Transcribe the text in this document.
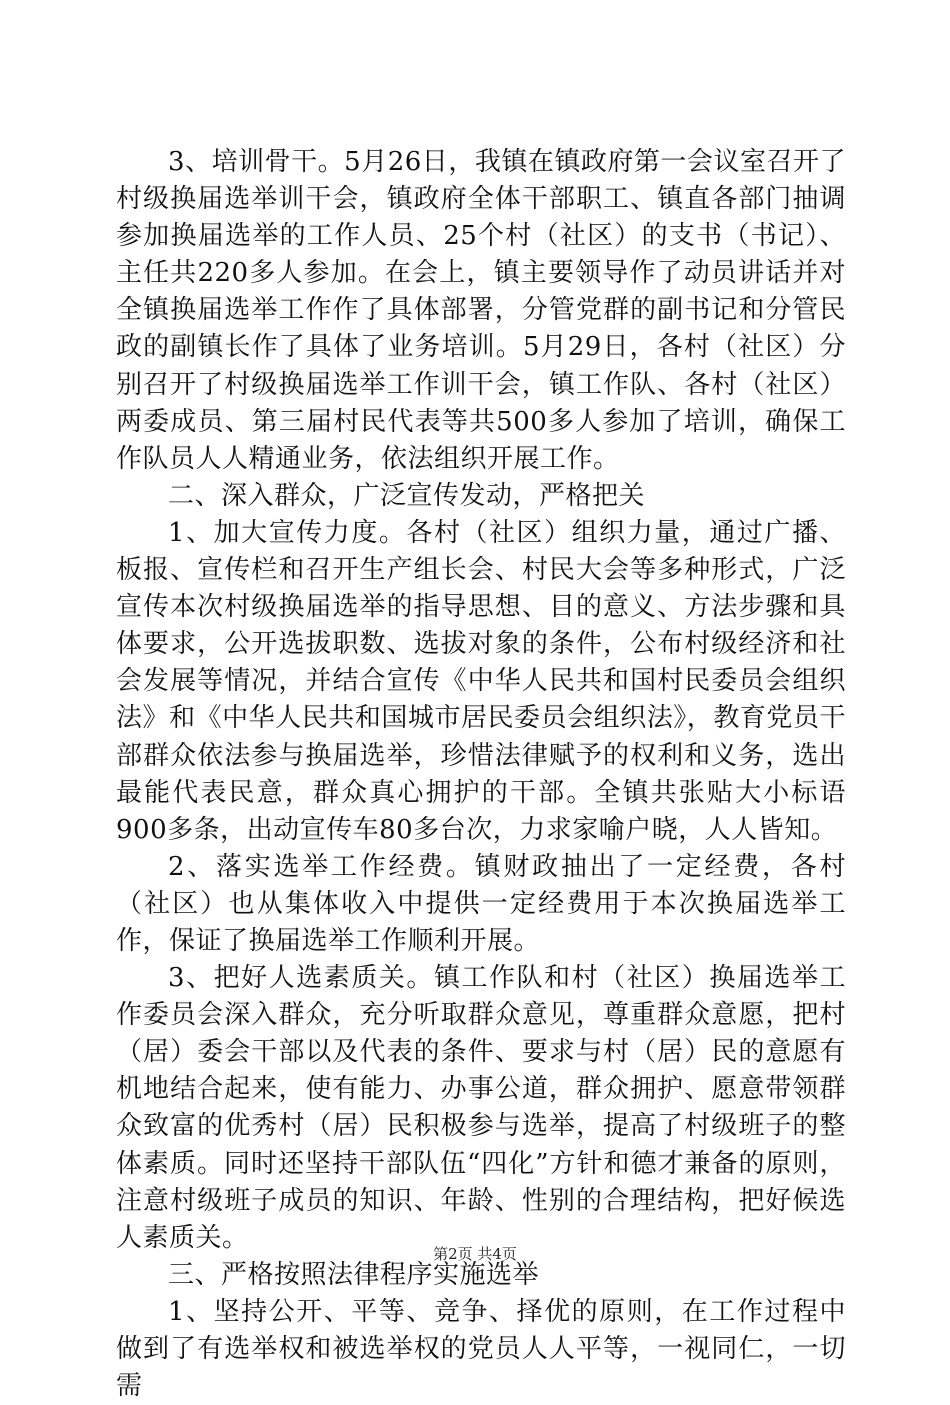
3、培训骨干。5月26日，我镇在镇政府第一会议室召开了村级换届选举训干会，镇政府全体干部职工、镇直各部门抽调参加换届选举的工作人员、25个村（社区）的支书（书记）、主任共220多人参加。在会上，镇主要领导作了动员讲话并对全镇换届选举工作作了具体部署，分管党群的副书记和分管民政的副镇长作了具体了业务培训。5月29日，各村（社区）分别召开了村级换届选举工作训干会，镇工作队、各村（社区）两委成员、第三届村民代表等共500多人参加了培训，确保工作队员人人精通业务，依法组织开展工作。

二、深入群众，广泛宣传发动，严格把关

1、加大宣传力度。各村（社区）组织力量，通过广播、板报、宣传栏和召开生产组长会、村民大会等多种形式，广泛宣传本次村级换届选举的指导思想、目的意义、方法步骤和具体要求，公开选拔职数、选拔对象的条件，公布村级经济和社会发展等情况，并结合宣传《中华人民共和国村民委员会组织法》和《中华人民共和国城市居民委员会组织法》，教育党员干部群众依法参与换届选举，珍惜法律赋予的权利和义务，选出最能代表民意，群众真心拥护的干部。全镇共张贴大小标语900多条，出动宣传车80多台次，力求家喻户晓，人人皆知。

2、落实选举工作经费。镇财政抽出了一定经费，各村（社区）也从集体收入中提供一定经费用于本次换届选举工作，保证了换届选举工作顺利开展。

3、把好人选素质关。镇工作队和村（社区）换届选举工作委员会深入群众，充分听取群众意见，尊重群众意愿，把村（居）委会干部以及代表的条件、要求与村（居）民的意愿有机地结合起来，使有能力、办事公道，群众拥护、愿意带领群众致富的优秀村（居）民积极参与选举，提高了村级班子的整体素质。同时还坚持干部队伍“四化”方针和德才兼备的原则，注意村级班子成员的知识、年龄、性别的合理结构，把好候选人素质关。

三、严格按照法律程序实施选举

1、坚持公开、平等、竞争、择优的原则，在工作过程中做到了有选举权和被选举权的党员人人平等，一视同仁，一切需

第2页 共4页
